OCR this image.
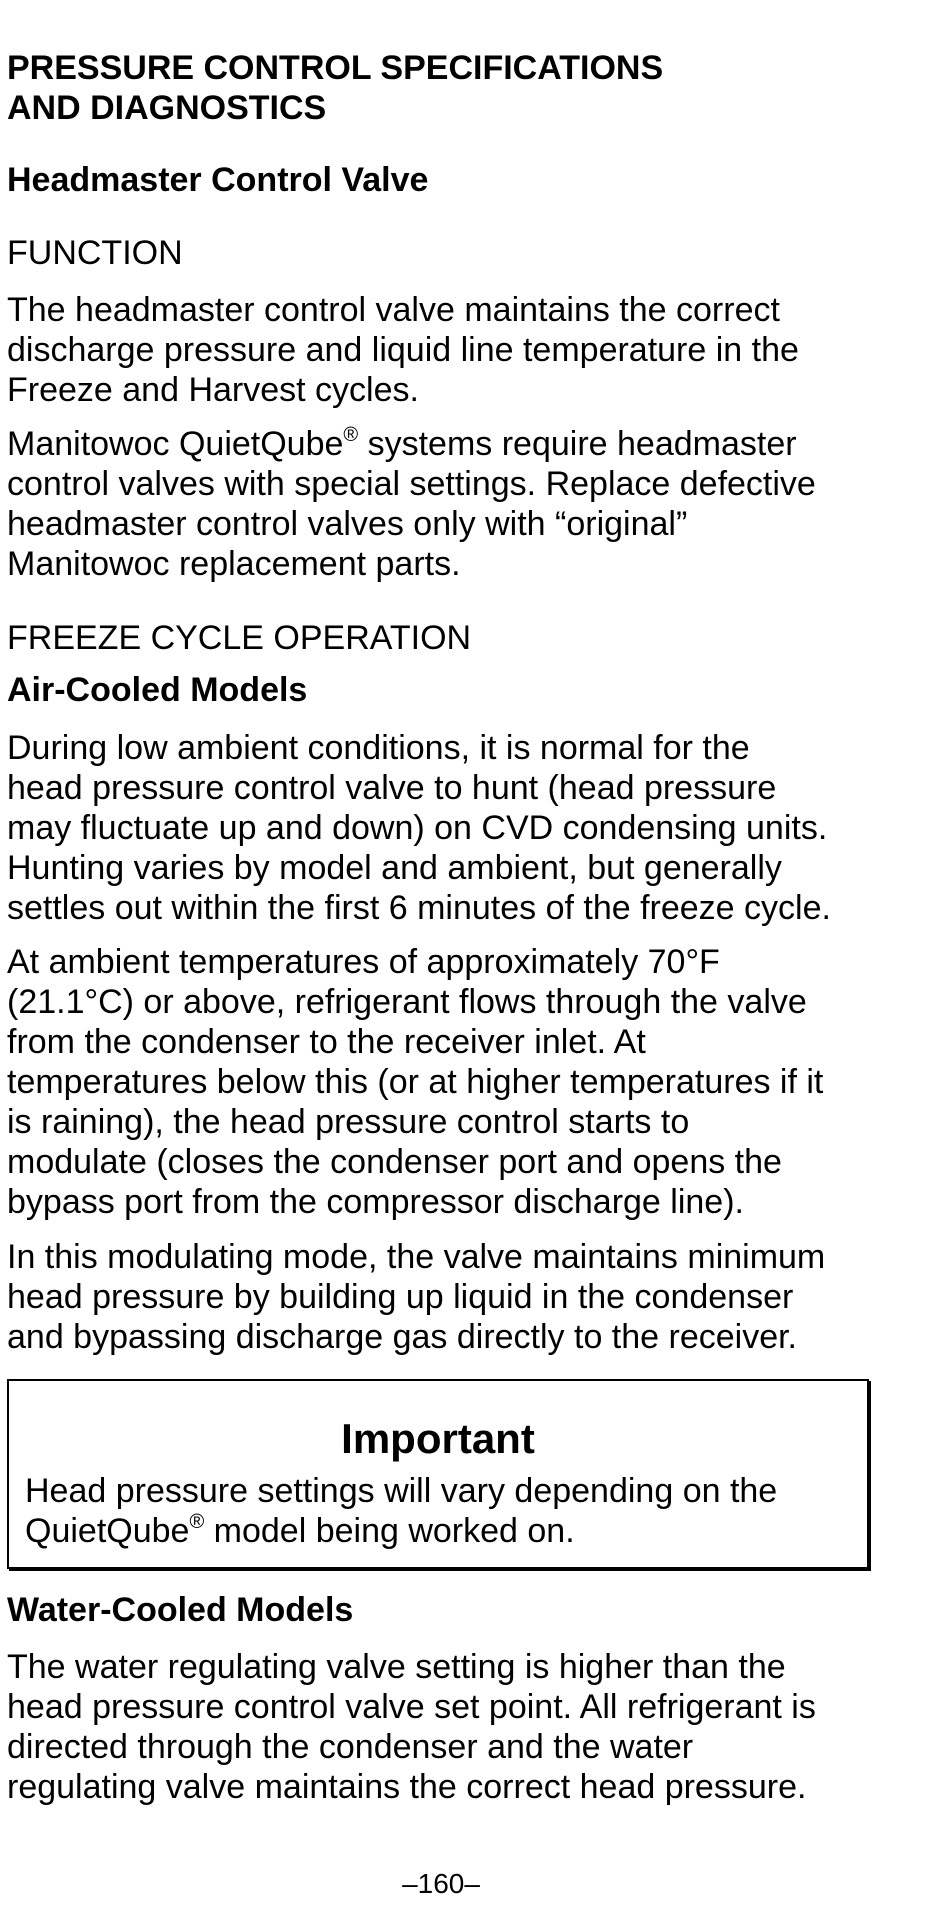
PRESSURE CONTROL SPECIFICATIONS
AND DIAGNOSTICS
Headmaster Control Valve
FUNCTION

The headmaster control valve maintains the correct
discharge pressure and liquid line temperature in the
Freeze and Harvest cycles.

Manitowoc QuietQube® systems require headmaster
control valves with special settings. Replace defective
headmaster control valves only with “original”
Manitowoc replacement parts.

FREEZE CYCLE OPERATION
Air-Cooled Models

During low ambient conditions, it is normal for the
head pressure control valve to hunt (head pressure
may fluctuate up and down) on CVD condensing units.
Hunting varies by model and ambient, but generally
settles out within the first 6 minutes of the freeze cycle.

At ambient temperatures of approximately 70°F
(21.1°C) or above, refrigerant flows through the valve
from the condenser to the receiver inlet. At
temperatures below this (or at higher temperatures if it
is raining), the head pressure control starts to
modulate (closes the condenser port and opens the
bypass port from the compressor discharge line).

In this modulating mode, the valve maintains minimum
head pressure by building up liquid in the condenser
and bypassing discharge gas directly to the receiver.

Important

Head pressure settings will vary depending on the
QuietQube® model being worked on.

Water-Cooled Models

The water regulating valve setting is higher than the
head pressure control valve set point. All refrigerant is
directed through the condenser and the water
regulating valve maintains the correct head pressure.

–160–
